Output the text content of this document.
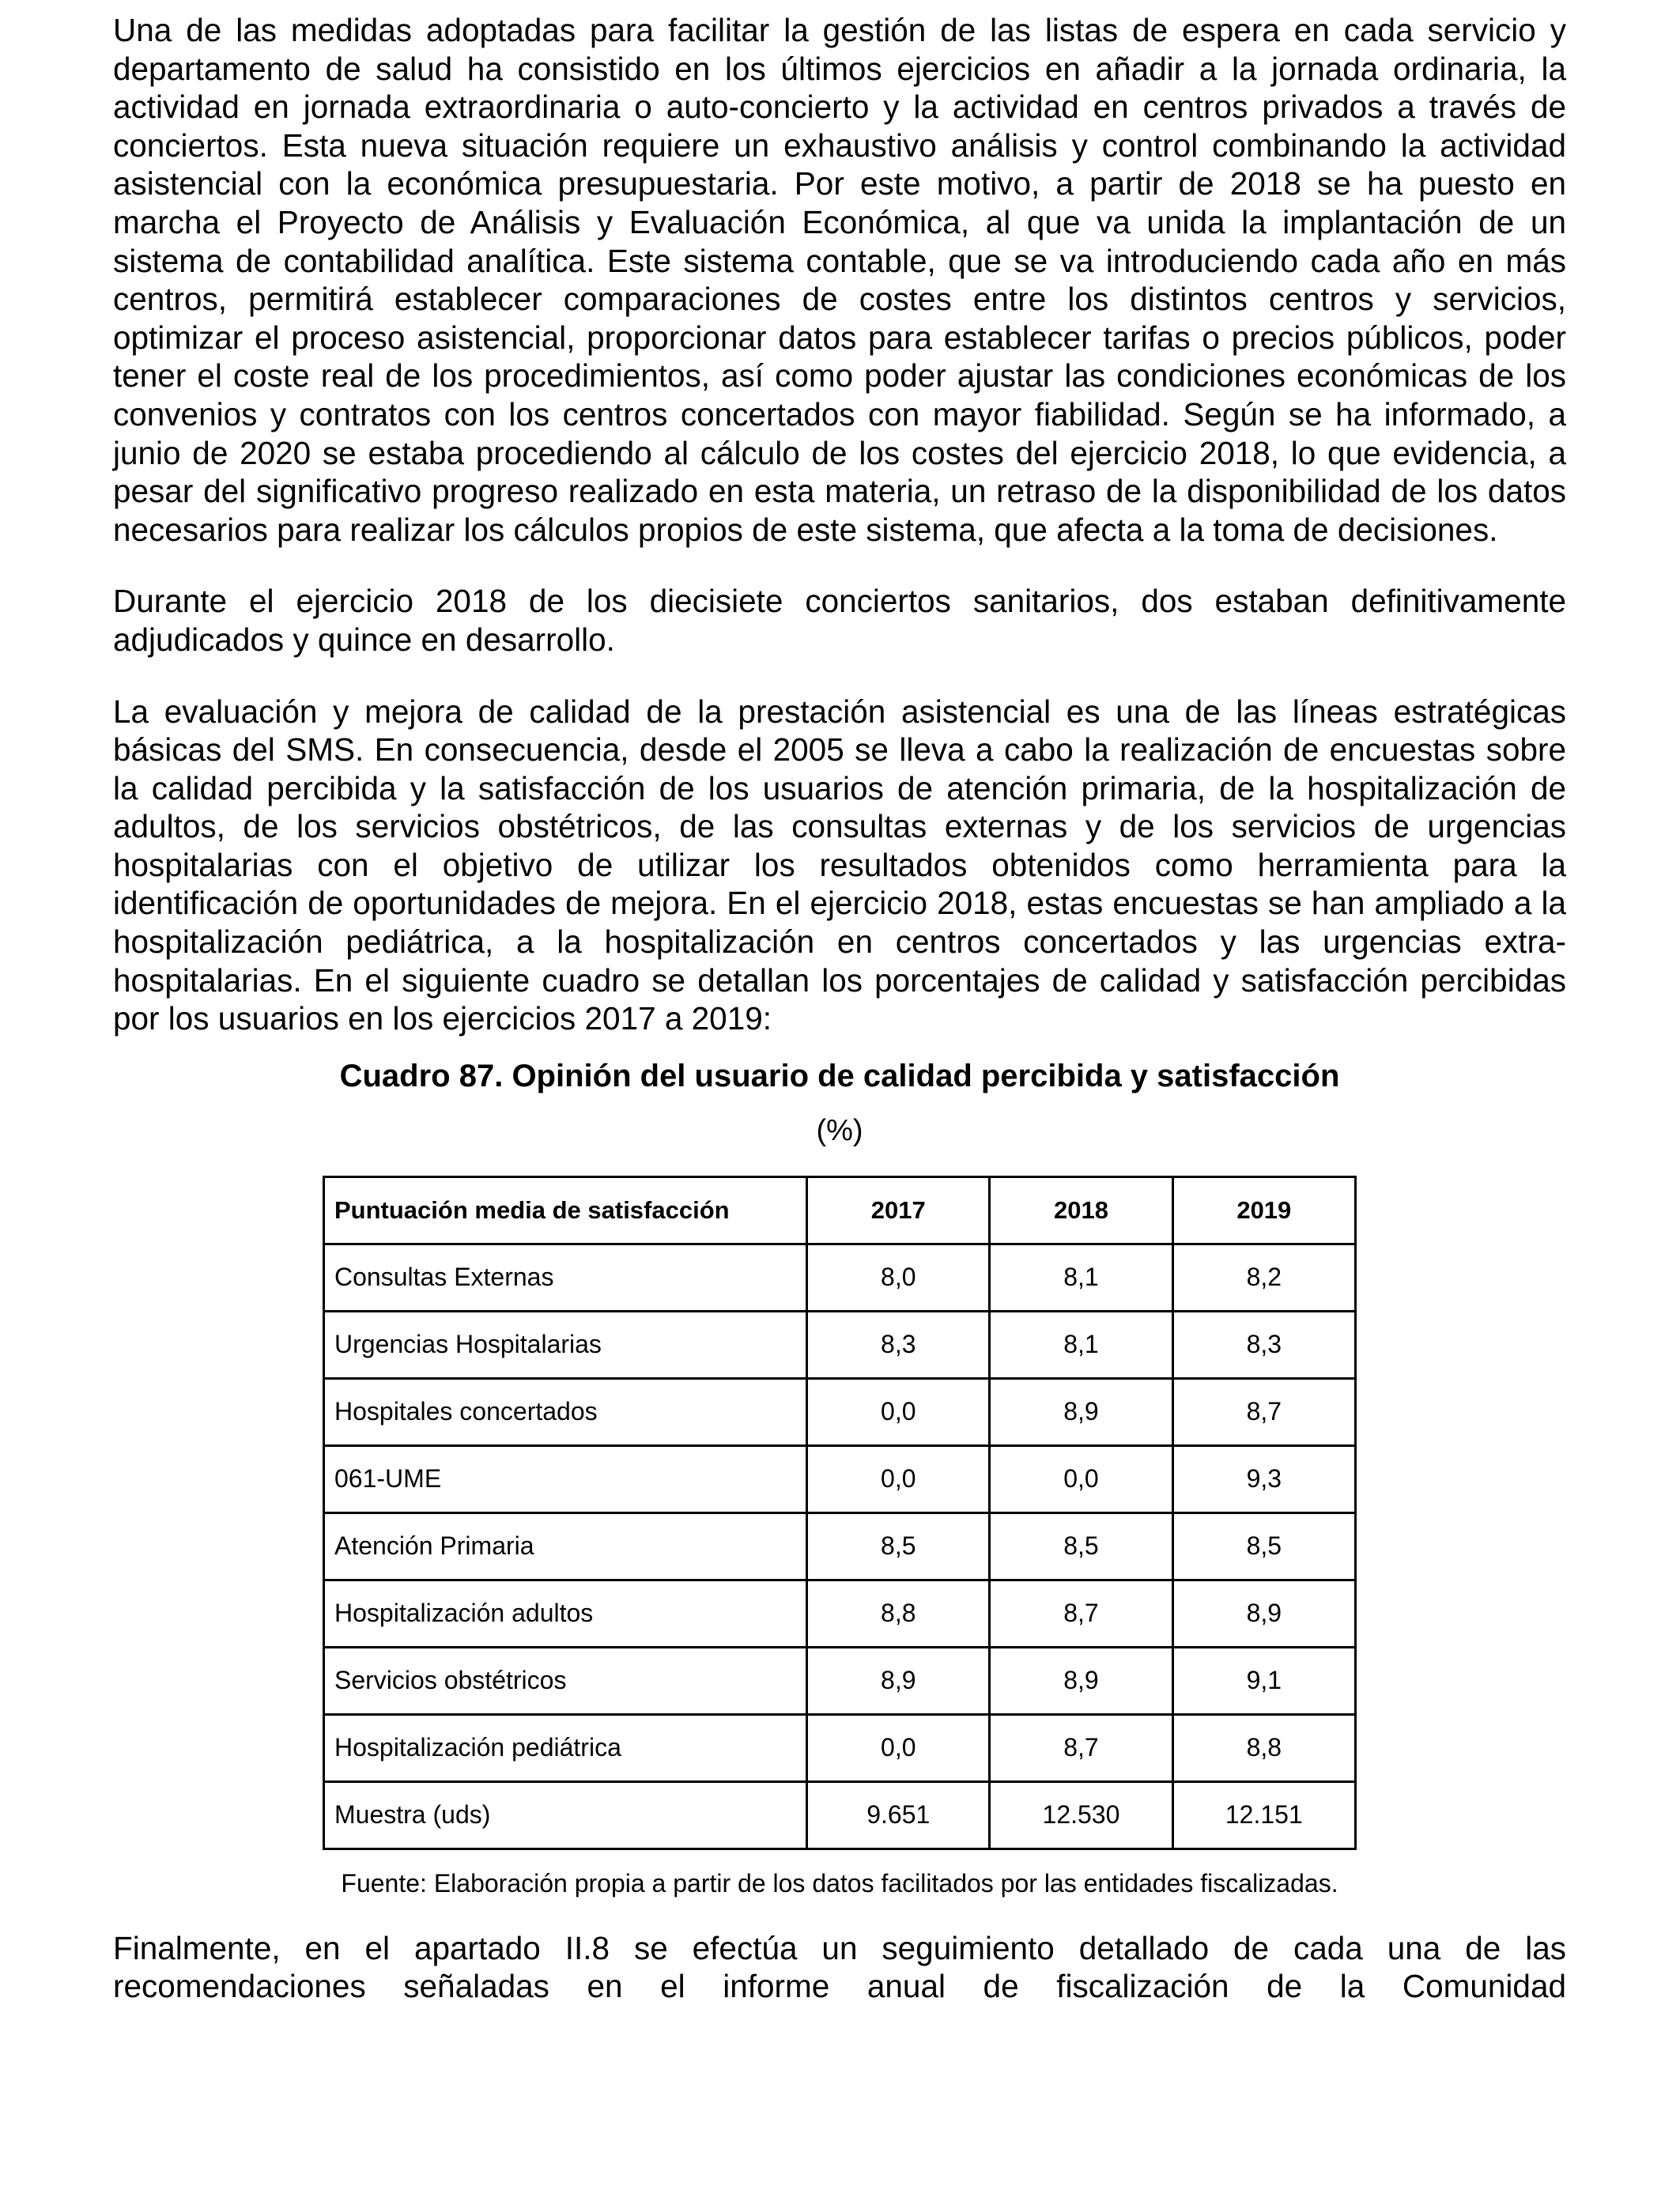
Una de las medidas adoptadas para facilitar la gestión de las listas de espera en cada servicio y departamento de salud ha consistido en los últimos ejercicios en añadir a la jornada ordinaria, la actividad en jornada extraordinaria o auto-concierto y la actividad en centros privados a través de conciertos. Esta nueva situación requiere un exhaustivo análisis y control combinando la actividad asistencial con la económica presupuestaria. Por este motivo, a partir de 2018 se ha puesto en marcha el Proyecto de Análisis y Evaluación Económica, al que va unida la implantación de un sistema de contabilidad analítica. Este sistema contable, que se va introduciendo cada año en más centros, permitirá establecer comparaciones de costes entre los distintos centros y servicios, optimizar el proceso asistencial, proporcionar datos para establecer tarifas o precios públicos, poder tener el coste real de los procedimientos, así como poder ajustar las condiciones económicas de los convenios y contratos con los centros concertados con mayor fiabilidad. Según se ha informado, a junio de 2020 se estaba procediendo al cálculo de los costes del ejercicio 2018, lo que evidencia, a pesar del significativo progreso realizado en esta materia, un retraso de la disponibilidad de los datos necesarios para realizar los cálculos propios de este sistema, que afecta a la toma de decisiones.

Durante el ejercicio 2018 de los diecisiete conciertos sanitarios, dos estaban definitivamente adjudicados y quince en desarrollo.

La evaluación y mejora de calidad de la prestación asistencial es una de las líneas estratégicas básicas del SMS. En consecuencia, desde el 2005 se lleva a cabo la realización de encuestas sobre la calidad percibida y la satisfacción de los usuarios de atención primaria, de la hospitalización de adultos, de los servicios obstétricos, de las consultas externas y de los servicios de urgencias hospitalarias con el objetivo de utilizar los resultados obtenidos como herramienta para la identificación de oportunidades de mejora. En el ejercicio 2018, estas encuestas se han ampliado a la hospitalización pediátrica, a la hospitalización en centros concertados y las urgencias extra-hospitalarias. En el siguiente cuadro se detallan los porcentajes de calidad y satisfacción percibidas por los usuarios en los ejercicios 2017 a 2019:

Cuadro 87. Opinión del usuario de calidad percibida y satisfacción
(%)
Puntuación media de satisfacción	2017	2018	2019
Consultas Externas	8,0	8,1	8,2
Urgencias Hospitalarias	8,3	8,1	8,3
Hospitales concertados	0,0	8,9	8,7
061-UME	0,0	0,0	9,3
Atención Primaria	8,5	8,5	8,5
Hospitalización adultos	8,8	8,7	8,9
Servicios obstétricos	8,9	8,9	9,1
Hospitalización pediátrica	0,0	8,7	8,8
Muestra (uds)	9.651	12.530	12.151
Fuente: Elaboración propia a partir de los datos facilitados por las entidades fiscalizadas.

Finalmente, en el apartado II.8 se efectúa un seguimiento detallado de cada una de las recomendaciones señaladas en el informe anual de fiscalización de la Comunidad
